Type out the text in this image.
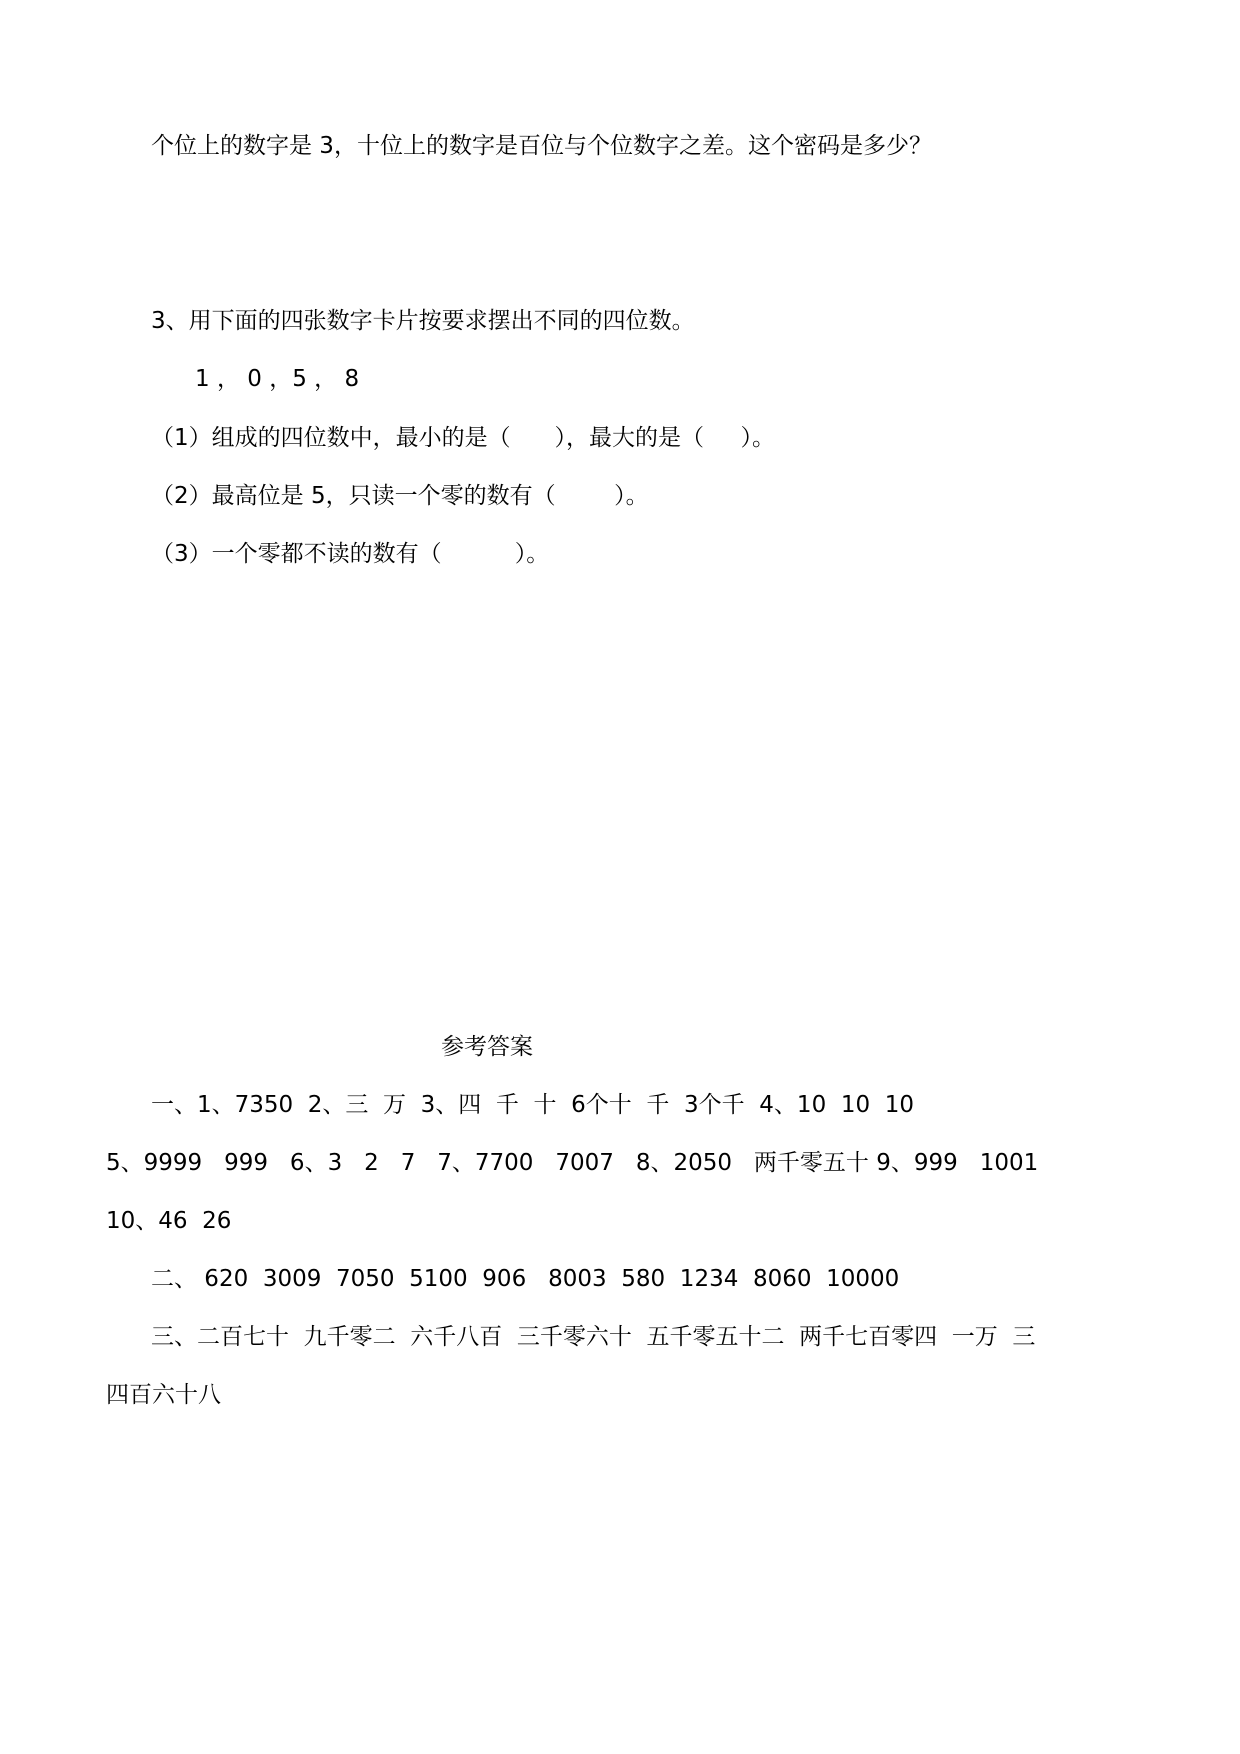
个位上的数字是 3，十位上的数字是百位与个位数字之差。这个密码是多少？
3、用下面的四张数字卡片按要求摆出不同的四位数。
1 ， 0 ，5 ， 8
（1）组成的四位数中，最小的是（      ），最大的是（     ）。
（2）最高位是 5，只读一个零的数有（        ）。
（3）一个零都不读的数有（          ）。
参考答案
一、1、7350  2、三  万  3、四  千  十  6个十  千  3个千  4、10  10  10
5、9999   999   6、3   2   7   7、7700   7007   8、2050   两千零五十 9、999   1001
10、46  26
二、 620  3009  7050  5100  906   8003  580  1234  8060  10000
三、二百七十  九千零二  六千八百  三千零六十  五千零五十二  两千七百零四  一万  三
四百六十八
